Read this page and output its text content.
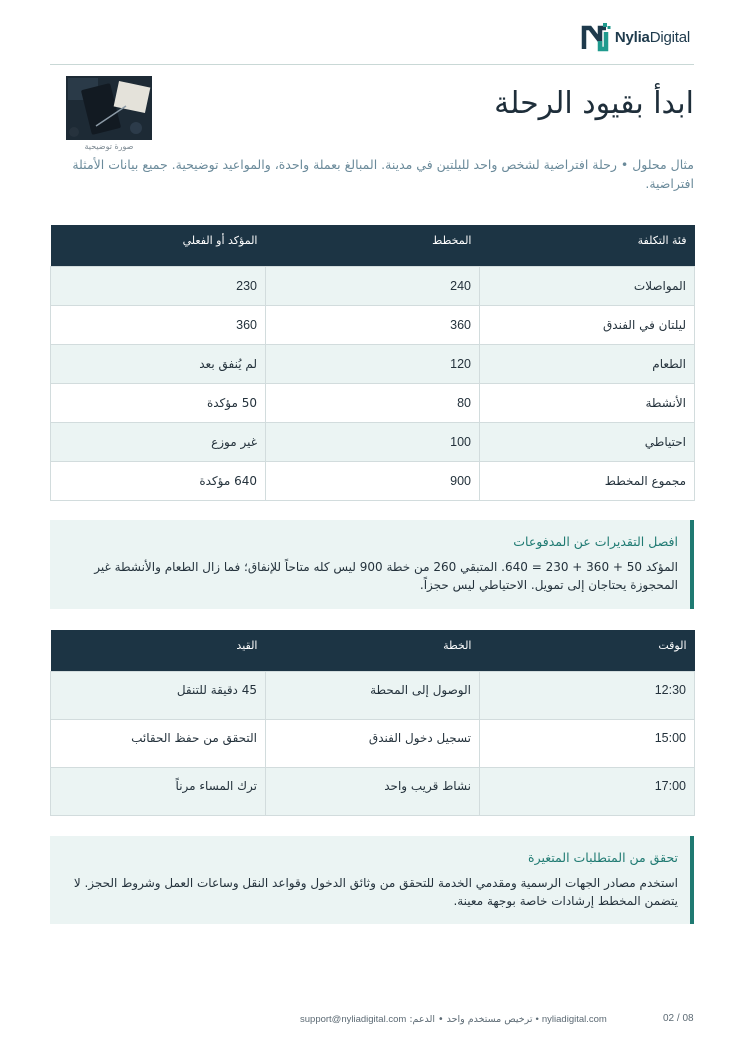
NyliaDigital
ابدأ بقيود الرحلة
صورة توضيحية

مثال محلول • رحلة افتراضية لشخص واحد لليلتين في مدينة. المبالغ بعملة واحدة، والمواعيد توضيحية. جميع بيانات الأمثلة افتراضية.

فئة التكلفة	المخطط	المؤكد أو الفعلي
المواصلات	240	230
ليلتان في الفندق	360	360
الطعام	120	لم يُنفق بعد
الأنشطة	80	50 مؤكدة
احتياطي	100	غير موزع
مجموع المخطط	900	640 مؤكدة
افصل التقديرات عن المدفوعات
المؤكد 50 + 360 + 230 = 640. المتبقي 260 من خطة 900 ليس كله متاحاً للإنفاق؛ فما زال الطعام والأنشطة غير المحجوزة يحتاجان إلى تمويل. الاحتياطي ليس حجزاً.
الوقت	الخطة	القيد
12:30	الوصول إلى المحطة	45 دقيقة للتنقل
15:00	تسجيل دخول الفندق	التحقق من حفظ الحقائب
17:00	نشاط قريب واحد	ترك المساء مرناً
تحقق من المتطلبات المتغيرة
استخدم مصادر الجهات الرسمية ومقدمي الخدمة للتحقق من وثائق الدخول وقواعد النقل وساعات العمل وشروط الحجز. لا يتضمن المخطط إرشادات خاصة بوجهة معينة.
nyliadigital.com • ترخيص مستخدم واحد • الدعم: support@nyliadigital.com	02 / 08
